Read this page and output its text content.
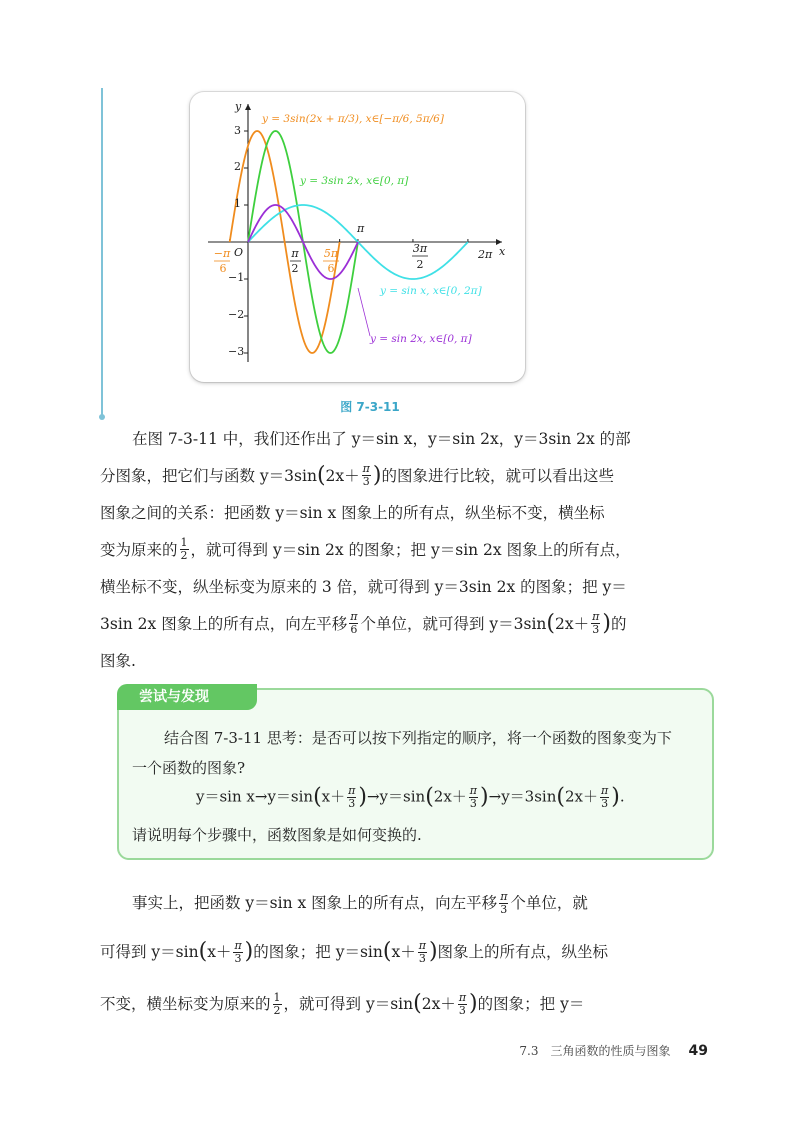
y
x
O
3
2
1
−1
−2
−3
π
2π
π
2
3π
2
−π
6
5π
6
y = 3sin(2x + π/3), x∈[−π/6, 5π/6]
y = 3sin 2x, x∈[0, π]
y = sin x, x∈[0, 2π]
y = sin 2x, x∈[0, π]
图 7-3-11
在图 7-3-11 中，我们还作出了 y＝sin x，y＝sin 2x，y＝3sin 2x 的部
分图象，把它们与函数 y＝3sin ( $2x+ \frac{\pi}{3}$ ) 的图象进行比较，就可以看出这些
图象之间的关系：把函数 y＝sin x 图象上的所有点，纵坐标不变，横坐标
变为原来的 $\frac{1}{2}$ ，就可得到 y＝sin 2x 的图象；把 y＝sin 2x 图象上的所有点，
横坐标不变，纵坐标变为原来的 3 倍，就可得到 y＝3sin 2x 的图象；把 y＝
3sin 2x 图象上的所有点，向左平移 $\frac{\pi}{6}$ 个单位，就可得到 y＝3sin ( $2x+ \frac{\pi}{3}$ ) 的
图象.
尝试与发现
结合图 7-3-11 思考：是否可以按下列指定的顺序，将一个函数的图象变为下
一个函数的图象?
y＝sin $x\to y=\sin(x+ \frac{\pi}{3} )\to y=\sin(2x+ \frac{\pi}{3} )\to y=3\sin(2x+ \frac{\pi}{3}$ ).
请说明每个步骤中，函数图象是如何变换的.
事实上，把函数 y＝sin x 图象上的所有点，向左平移 $\frac{\pi}{3}$ 个单位，就
可得到 y＝sin ( $x+ \frac{\pi}{3}$ ) 的图象；把 y＝sin ( $x+ \frac{\pi}{3}$ ) 图象上的所有点，纵坐标
不变，横坐标变为原来的 $\frac{1}{2}$ ，就可得到 y＝sin ( $2x+ \frac{\pi}{3}$ ) 的图象；把 y＝
7.3　三角函数的性质与图象 49
